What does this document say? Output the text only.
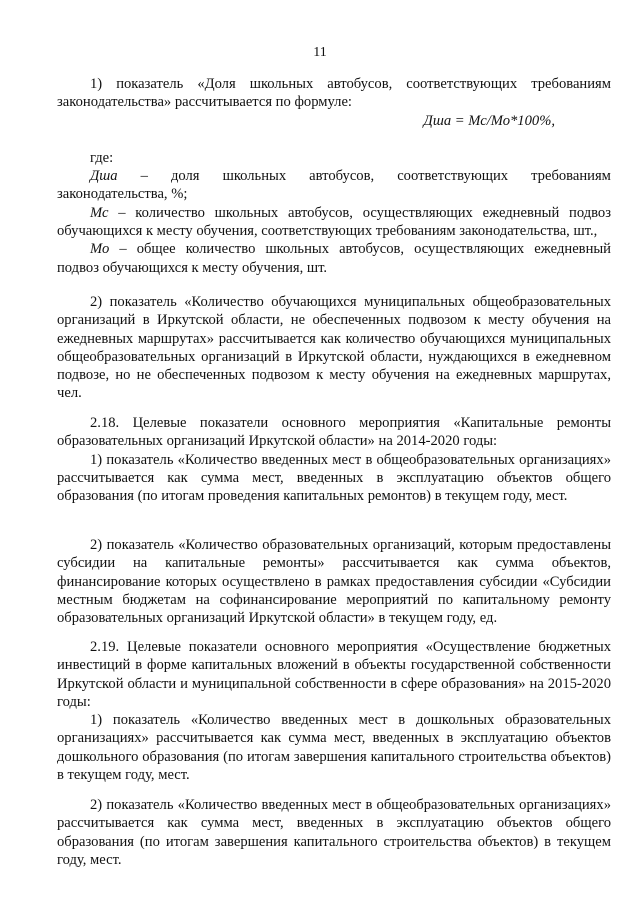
11

1) показатель «Доля школьных автобусов, соответствующих требованиям законодательства» рассчитывается по формуле:

Дша = Мс/Мо*100%,

где:

Дша – доля школьных автобусов, соответствующих требованиям

законодательства, %;

Мс – количество школьных автобусов, осуществляющих ежедневный подвоз обучающихся к месту обучения, соответствующих требованиям законодательства, шт.,

Мо – общее количество школьных автобусов, осуществляющих ежедневный подвоз обучающихся к месту обучения, шт.

2) показатель «Количество обучающихся муниципальных общеобразовательных организаций в Иркутской области, не обеспеченных подвозом к месту обучения на ежедневных маршрутах» рассчитывается как количество обучающихся муниципальных общеобразовательных организаций в Иркутской области, нуждающихся в ежедневном подвозе, но не обеспеченных подвозом к месту обучения на ежедневных маршрутах, чел.

2.18. Целевые показатели основного мероприятия «Капитальные ремонты образовательных организаций Иркутской области» на 2014-2020 годы:

1) показатель «Количество введенных мест в общеобразовательных организациях» рассчитывается как сумма мест, введенных в эксплуатацию объектов общего образования (по итогам проведения капитальных ремонтов) в текущем году, мест.

2) показатель «Количество образовательных организаций, которым предоставлены субсидии на капитальные ремонты» рассчитывается как сумма объектов, финансирование которых осуществлено в рамках предоставления субсидии «Субсидии местным бюджетам на софинансирование мероприятий по капитальному ремонту образовательных организаций Иркутской области» в текущем году, ед.

2.19. Целевые показатели основного мероприятия «Осуществление бюджетных инвестиций в форме капитальных вложений в объекты государственной собственности Иркутской области и муниципальной собственности в сфере образования» на 2015-2020 годы:

1) показатель «Количество введенных мест в дошкольных образовательных организациях» рассчитывается как сумма мест, введенных в эксплуатацию объектов дошкольного образования (по итогам завершения капитального строительства объектов) в текущем году, мест.

2) показатель «Количество введенных мест в общеобразовательных организациях» рассчитывается как сумма мест, введенных в эксплуатацию объектов общего образования (по итогам завершения капитального строительства объектов) в текущем году, мест.
